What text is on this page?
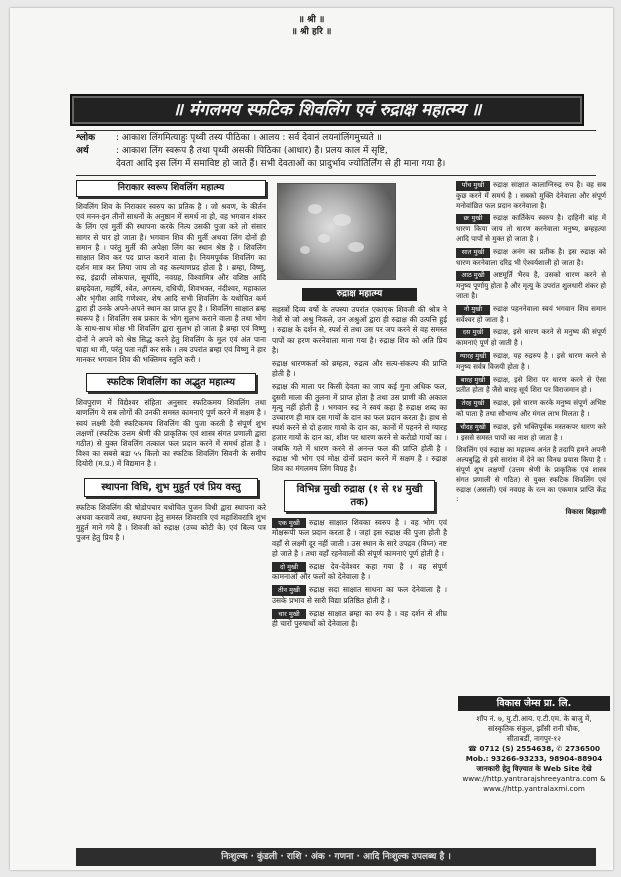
॥ श्री ॥
॥ श्री हरि ॥
॥ मंगलमय स्फटिक शिवलिंग एवं रुद्राक्ष महात्म्य ॥
श्लोक	: आकाश लिंगमित्याहुः पृथ्वी तस्य पीठिका । आलय : सर्व देवानं लयनांलिंगमुच्यते ॥
अर्थ	: आकाश लिंग स्वरूप है तथा पृथ्वी असकी पिठिका (आधार) है। प्रलय काल में सृष्टि,
देवता आदि इस लिंग में समाविष्ट हो जाते हैं। सभी देवताओं का प्रादुर्भाव ज्योतिर्लिंग से ही माना गया है।
निराकार स्वरूप शिवलिंग महात्म्य

शिवलिंग शिव के निराकार स्वरुप का प्रतिक है । जो श्रवण, के कीर्तन एवं मनन-इन तीनों साधनों के अनुष्ठान में समर्थ ना हो, वह भगवान शंकर के लिंग एवं मुर्ती की स्थापना करके नित्य उसकी पुजा करे तो संसार सागर से पार हो जाता है। भगवान शिव की मुर्ती अथवा लिंग दोनों ही समान है । परंतु मुर्ती की अपेक्षा लिंग का स्थान श्रेष्ठ है । शिवलिंग साक्षात शिव कर पद प्राप्त कराने वाला है। नियमपूर्वक शिवलिंग का दर्शन मात्र कर लिया जाय तो वह कल्याणप्रद होता है । ब्रम्हा, विष्णु, रुद्र, इंद्रादी लोकपाल, सूर्यादि, नवग्रह, विश्वामित्र और वशिष्ठ आदि ब्रम्हदेवता, महर्षि, श्वेत, अगस्त्य, दधिची, शिवभक्त, नंदीश्वर, महाकाल और भृंगीश आदि गणेश्वर, शेष आदि सभी शिवलिंग के यथोचित कर्म द्वारा ही उनके अपने-अपने स्थान का प्राप्त हुए है । शिवलिंग साक्षात ब्रम्ह स्वरूप है । शिवलिंग सब प्रकार के भोग सुलभ कराने वाला है तथा भोग के साथ-साथ मोक्ष भी शिवलिंग द्वारा सुलभ हो जाता है ब्रम्हा एवं विष्णु दोनों ने अपने को श्रेष्ठ सिद्ध करने हेतु शिवलिंग के मुल एवं अंत पाना चाहा था मी, परंतु पता नहीं कर सके । तब उपरांत ब्रम्हा एवं विष्णु ने हार मानकर भगवान शिव की भक्तिमय स्तुति करी ।

स्फटिक शिवलिंग का अद्भुत महात्म्य

शिवपुराण में विद्येश्वर संहिता अनुसार स्फटिकमय शिवलिंग तथा बाणलिंग ये सब लोगों की उनकी समस्त कामनाएं पूर्ण करने में सक्षम है । स्वयं लक्ष्मी देवी स्फटिकमय शिवलिंग की पुजा करती है संपूर्ण शुभ लक्षणों (स्फटिक उत्तम श्रेणी की प्राकृतिक एवं शास्त्र संगत प्रणाली द्वारा गठीत) से युक्त शिवलिंग तत्काल फल प्रदान करने में समर्थ होता है । विश्व का सबसे बडा ५५ किलो का स्फटिक शिवलिंग सिवनी के समीप दियोरी (म.प्र.) में विद्यमान है ।

स्थापना विधि, शुभ मुहुर्त एवं प्रिय वस्तु

स्फटिक शिवलिंग की षोडोपचार यथोचित पुजन विधी द्वारा स्थापना करे अथवा करवायें तथा, स्थापना हेतु समस्त शिवरात्रि एवं महाशिवरात्रि शुभ मुहुर्त माने गये है । शिवजी को रुद्राक्ष (उच्च कोटी के) एवं बिल्व पत्र पुजन हेतु प्रिय है ।

रुद्राक्ष महात्म्य

सहस्त्रों दिव्य वर्षो के तपस्या उपरांत एकाएक शिवजी की श्रोत्र ने नेत्रों से जो अश्रु निकले, उन अश्रुओं द्वारा ही रुद्राक्ष की उत्पत्ति हुई । रुद्राक्ष के दर्शन से, स्पर्श से तथा उस पर जप करने से वह समस्त पापों का हरण करनेवाला माना गया है। रुद्राक्ष शिव को अति प्रिय है।

रुद्राक्ष धारणकर्ता को ब्रम्हत्व, रुद्रत्व और सत्य-संकल्प की प्राप्ति होती है ।

रुद्राक्ष की माला पर किसी देवता का जाप कई गुना अधिक फल, दुसरी माला की तुलना में प्राप्त होता है तथा उस प्राणी की अकाल मृत्यु नहीं होती है । भगवान रुद्र ने स्वयं कहा है रुद्राक्ष शब्द का उच्चारण ही मात्र दस गायों के दान का फल प्रदान करता है। हाथ से स्पर्श करने से दो हजार गायो के दान का, कानों में पहनने से ग्यारह हजार गायों के दान का, शीश पर धारण करने से करोडो गायों का । जबकि गले में धारण करने से अनन्त फल की प्राप्ति होती है । रुद्राक्ष भी भोग एवं मोक्ष दोनों प्रदान करने में सक्षम है । रुद्राक्ष शिव का मंगलमय लिंग विग्रह है।

विभिन्न मुखी रुद्राक्ष (१ से १४ मुखी तक)

एक मुखी रुद्राक्ष साक्षात शिवका स्वरुप है । वह भोग एवं मोक्षरूपी फल प्रदान करता है । जहां इस रुद्राक्ष की पुजा होती है वहाँ से लक्ष्मी दूर नहीं जाती । उस स्थान के सारे उपद्रव (विघ्न) नष्ट हो जाते है । तथा वहाँ रहनेवालों की संपूर्ण कामनाएं पूर्ण होती है ।

दो मुखी रुद्राक्ष देव-देवेश्वर कहा गया है । वह संपूर्ण कामनाओं और फलों को देनेवाला है ।

तीन मुखी रुद्राक्ष सदा साक्षात साधना का फल देनेवाला है । उसके प्रभाव से सारी विद्या प्रतिष्ठित होती है ।

चार मुखी रुद्राक्ष साक्षात ब्रम्हा का रुप है । वह दर्शन से शीघ्र ही चारों पुरुषार्थो को देनेवाला है।

पाँच मुखी रुद्राक्ष साक्षात कालाग्निरुद्र रुप है। वह सब कुछ करने में समर्थ है । सबको मुक्ति देनेवाला और संपूर्ण मनोवांछित फल प्रदान करनेवाला है।

छः मुखी रुद्राक्ष कार्तिकेय स्वरुप है। दाहिनी बांह में धारण किया जाय तो धारण करनेवाला मनुष्य, ब्रम्हहत्या आदि पापों से मुक्त हो जाता है ।

सात मुखी रुद्राक्ष अनंग का प्रतीक है। इस रुद्राक्ष को धारण करनेवाला दरिद्र भी ऐश्वर्यशाली हो जाता है।

आठ मुखी अष्टमूर्ति भैरव है, उसको धारण करने से मनुष्य पूर्णायु होता है और मृत्यु के उपरांत शुलधारी शंकर हो जाता है।

नौ मुखी रुद्राक्ष पहननेवाला स्वयं भगवान शिव समान सर्वेश्वर हो जाता है ।

दस मुखी रुद्राक्ष, इसे धारण करने से मनुष्य की संपूर्ण कामनाएं पूर्ण हो जाती है ।

ग्यारह मुखी रुद्राक्ष, यह रुद्ररुप है । इसे धारण करने से मनुष्य सर्वत्र विजयी होता है ।

बारह मुखी रुद्राक्ष, इसे शिरा पर धारण करने से ऐसा प्रतीत होता है जैसे बारह सूर्य शिरा पर विराजमान हो ।

तेरह मुखी रुद्राक्ष, इसे धारण करके मनुष्य संपूर्ण अभिष्ट को पाता है तथा सौभाग्य और मंगल लाभ मिलता है ।

चौदह मुखी रुद्राक्ष, इसे भक्तिपूर्वक मस्तकपर धारण करे । इससे समस्त पापों का नाश हो जाता है ।

शिवलिंग एवं रुद्राक्ष का महात्म्य अनंत है तदापि हमने अपनी अल्पबुद्धि से इसे सारांश में देने का विनम्र प्रयास किया है । संपूर्ण शुभ लक्षणों (उत्तम श्रेणी के प्राकृतिक एवं शास्त्र संगत प्रणाली से गठित) से युक्त स्फटिक शिवलिंग एवं रुद्राक्ष (असली) एवं नवग्रह के रत्न का एकमात्र प्राप्ति केंद्र :

विकास बिझाणी

विकास जेम्स प्रा. लि.
शॉप नं. ७, यु.टी.आय. ए.टी.एम. के बाजु में,
सांस्कृतिक संकुल, झाँसी रानी चौक,
सीताबर्डी, नागपुर-१२
☎ 0712 (S) 2554638, ✆ 2736500
Mob.: 93266-93233, 98904-88904
जानकारी हेतु विज़्यात के Web Site देखे
www://http.yantrarajshreeyantra.com &
www.//http.yantralaxmi.com
निःशुल्क · कुंडली · राशि · अंक · गणना · आदि निःशुल्क उपलब्ध है ।
